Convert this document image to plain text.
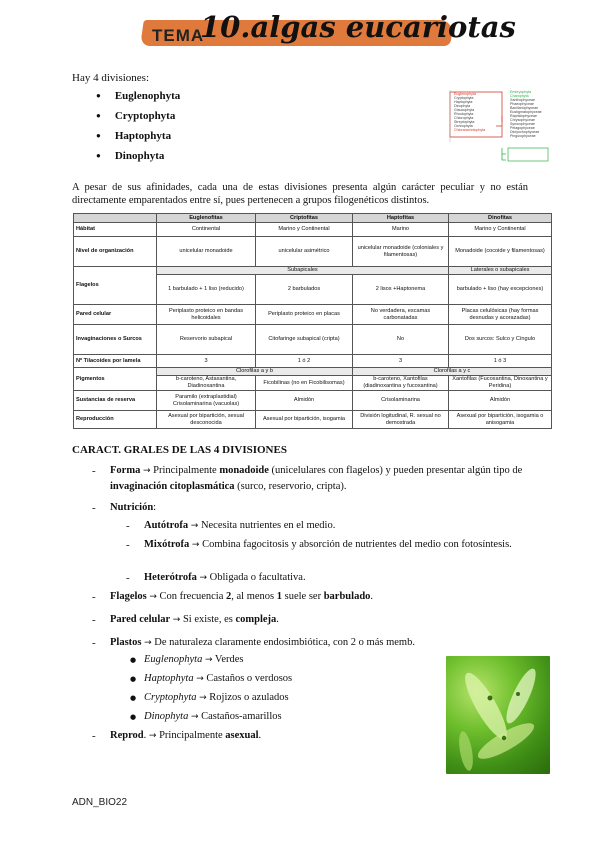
TEMA
10.algas eucariotas
Hay 4 divisiones:
● Euglenophyta
● Cryptophyta
● Haptophyta
● Dinophyta
Euglenophyta
Cryptophyta
Haptophyta
Dinophyta
Glaucophyta
Rhodophyta
Chlorophyta
Streptophyta
Ochrophyta
Chlorarachniophyta
Embryophyta
Charophyta
Xanthophyceae
Phaeophyceae
Bacillariophyceae
Eustigmatophyceae
Raphidophyceae
Chrysophyceae
Synurophyceae
Pelagophyceae
Dictyochophyceae
Pinguiophyceae
A pesar de sus afinidades, cada una de estas divisiones presenta algún carácter peculiar y no están directamente emparentados entre sí, pues pertenecen a grupos filogenéticos distintos.
	Euglenofitas	Criptofitas	Haptofitas	Dinofitas
Hábitat	Continental	Marino y Continental	Marino	Marino y Continental
Nivel de organización	unicelular monadoide	unicelular asimétrico	unicelular monadoide (coloniales y filamentosas)	Monadoide (cocoide y filamentosas)
Flagelos	Subapicales			Laterales o subapicales
	1 barbulado + 1 liso (reducido)	2 barbulados	2 lisos +Haptonema	barbulado + liso (hay excepciones)
Pared celular	Periplasto proteico en bandas helicoidales	Periplasto proteico en placas	No verdadera, escamas carbonatadas	Placas celulósicas (hay formas desnudas y acorazadas)
Invaginaciones o Surcos	Reservorio subapical	Citofaringe subapical (cripta)	No	Dos surcos: Sulco y Cíngulo
Nº Tilacoides por lamela	3	1 ó 2	3	1 ó 3
Pigmentos	Clorofilas a y b		Clorofilas a y c	
	b-caroteno, Astaxantina, Diadinoxantina	Ficobilinas (no en Ficobilisomas)	b-caroteno, Xantofilas (diadinoxantina y fucoxantina)	Xantofilas (Fucoxantina, Dinoxantina y Peridina)
Sustancias de reserva	Paramilo (extraplastidial) Crisolaminarina (vacuolas)	Almidón	Crisolaminarina	Almidón
Reproducción	Asexual por bipartición, sexual desconocida	Asexual por bipartición, isogamia	División logitudinal, R. sexual no demostrada	Asexual por bipartición, isogamia o anisogamia
CARACT. GRALES DE LAS 4 DIVISIONES
- Forma → Principalmente monadoide (unicelulares con flagelos) y pueden presentar algún tipo de invaginación citoplasmática (surco, reservorio, cripta).
- Nutrición:
- Autótrofa → Necesita nutrientes en el medio.
- Mixótrofa → Combina fagocitosis y absorción de nutrientes del medio con fotosíntesis.
- Heterótrofa → Obligada o facultativa.
- Flagelos → Con frecuencia 2, al menos 1 suele ser barbulado.
- Pared celular → Si existe, es compleja.
- Plastos → De naturaleza claramente endosimbiótica, con 2 o más memb.
● Euglenophyta → Verdes
● Haptophyta → Castaños o verdosos
● Cryptophyta → Rojizos o azulados
● Dinophyta → Castaños-amarillos
- Reprod. → Principalmente asexual.
ADN_BIO22
